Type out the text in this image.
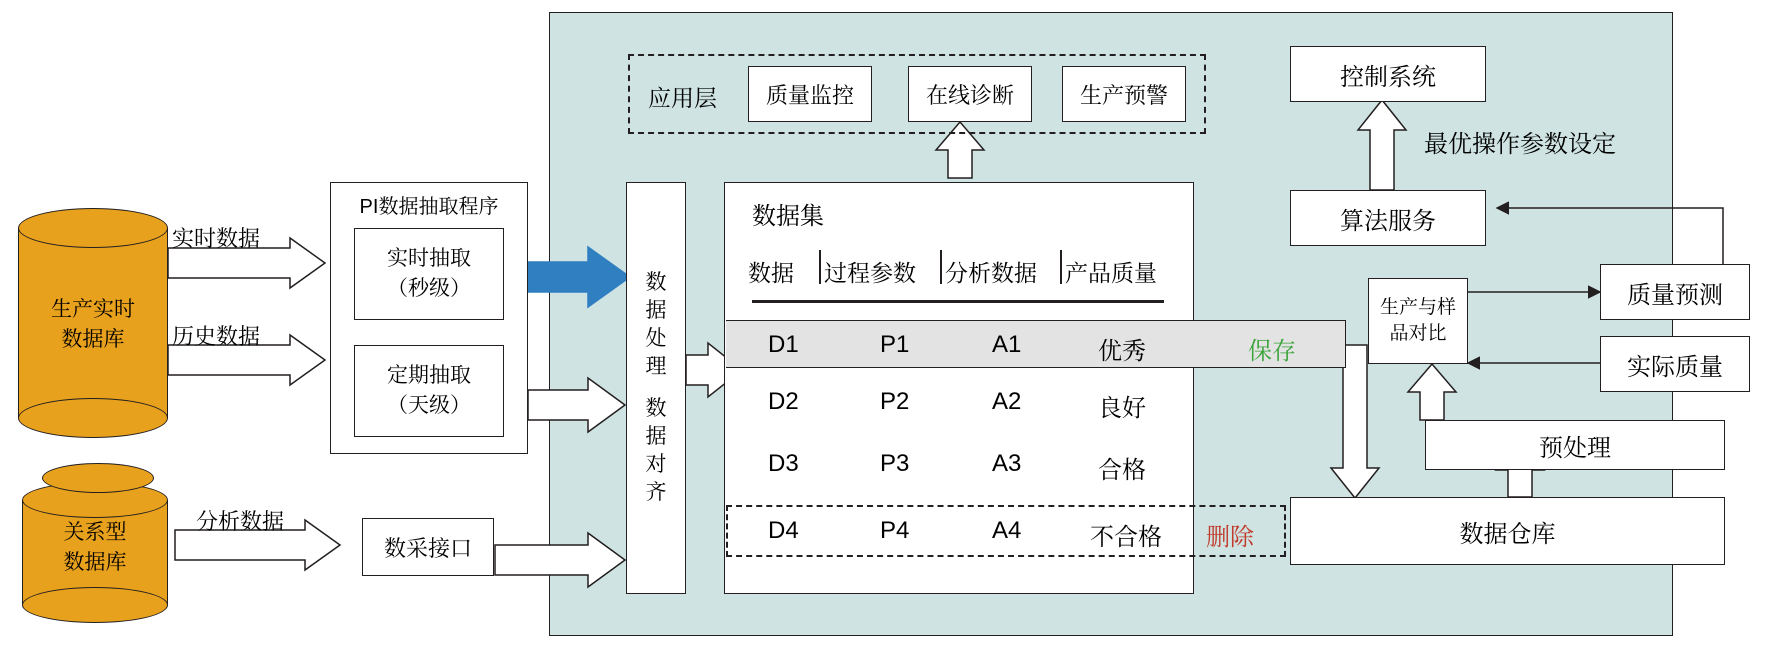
生产实时
数据库
关系型
数据库
实时数据
历史数据
分析数据
PI数据抽取程序
实时抽取
（秒级）
定期抽取
（天级）
数采接口
数
据
处
理
数
据
对
齐
应用层	质量监控	在线诊断	生产预警
数据集
数据 过程参数 分析数据 产品质量
D1	P1	A1	优秀	保存
D2	P2	A2	良好
D3	P3	A3	合格
D4	P4	A4	不合格 删除
控制系统
最优操作参数设定
算法服务
质量预测
实际质量
生产与样
品对比
预处理
数据仓库
